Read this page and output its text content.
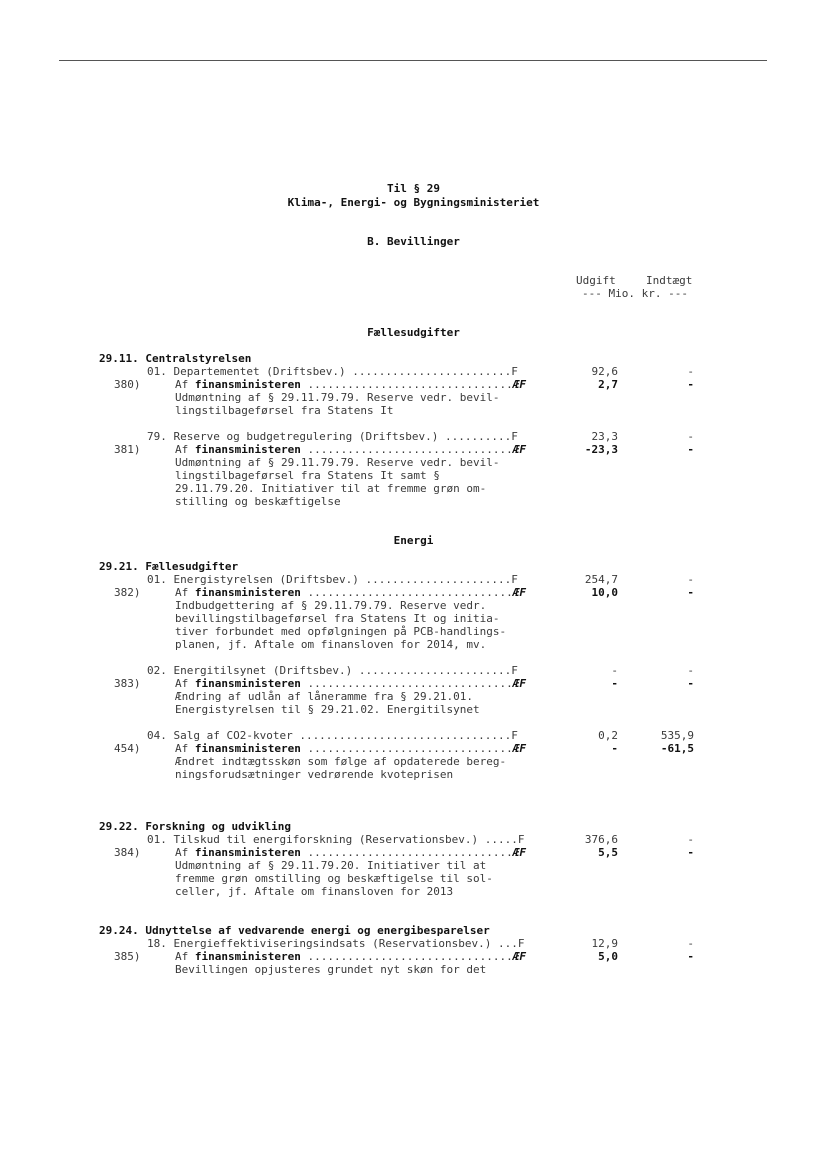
Til § 29
Klima-, Energi- og Bygningsministeriet
B. Bevillinger
Udgift	Indtægt
--- Mio. kr. ---
Fællesudgifter
29.11. Centralstyrelsen
Energi
29.21. Fællesudgifter
29.22. Forskning og udvikling
29.24. Udnyttelse af vedvarende energi og energibesparelser
01. Departementet (Driftsbev.) ........................F	92,6	-
380)	Af finansministeren ...............................ÆF	2,7	-
Udmøntning af § 29.11.79.79. Reserve vedr. bevil-
lingstilbageførsel fra Statens It
79. Reserve og budgetregulering (Driftsbev.) ..........F	23,3	-
381)	Af finansministeren ...............................ÆF	-23,3	-
Udmøntning af § 29.11.79.79. Reserve vedr. bevil-
lingstilbageførsel fra Statens It samt §
29.11.79.20. Initiativer til at fremme grøn om-
stilling og beskæftigelse
01. Energistyrelsen (Driftsbev.) ......................F	254,7	-
382)	Af finansministeren ...............................ÆF	10,0	-
Indbudgettering af § 29.11.79.79. Reserve vedr.
bevillingstilbageførsel fra Statens It og initia-
tiver forbundet med opfølgningen på PCB-handlings-
planen, jf. Aftale om finansloven for 2014, mv.
02. Energitilsynet (Driftsbev.) .......................F	-	-
383)	Af finansministeren ...............................ÆF	-	-
Ændring af udlån af låneramme fra § 29.21.01.
Energistyrelsen til § 29.21.02. Energitilsynet
04. Salg af CO2-kvoter ................................F	0,2	535,9
454)	Af finansministeren ...............................ÆF	-	-61,5
Ændret indtægtsskøn som følge af opdaterede bereg-
ningsforudsætninger vedrørende kvoteprisen
01. Tilskud til energiforskning (Reservationsbev.) .....F	376,6	-
384)	Af finansministeren ...............................ÆF	5,5	-
Udmøntning af § 29.11.79.20. Initiativer til at
fremme grøn omstilling og beskæftigelse til sol-
celler, jf. Aftale om finansloven for 2013
18. Energieffektiviseringsindsats (Reservationsbev.) ...F	12,9	-
385)	Af finansministeren ...............................ÆF	5,0	-
Bevillingen opjusteres grundet nyt skøn for det
